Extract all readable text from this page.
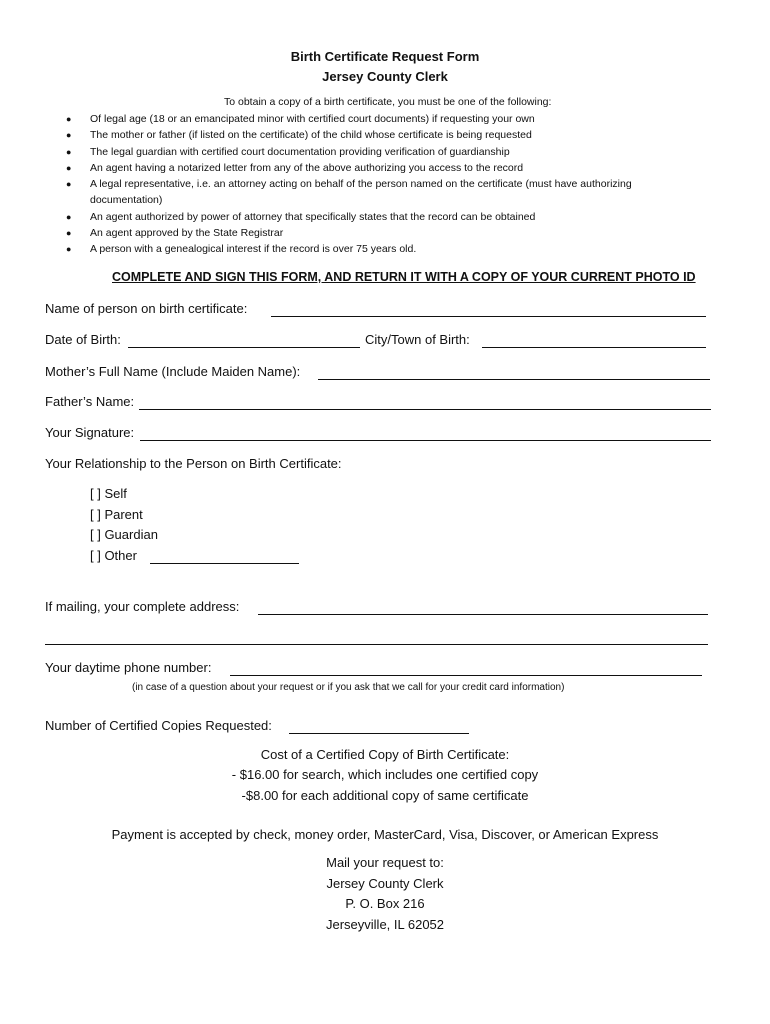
Birth Certificate Request Form
Jersey County Clerk
To obtain a copy of a birth certificate, you must be one of the following:
● Of legal age (18 or an emancipated minor with certified court documents) if requesting your own
● The mother or father (if listed on the certificate) of the child whose certificate is being requested
● The legal guardian with certified court documentation providing verification of guardianship
● An agent having a notarized letter from any of the above authorizing you access to the record
● A legal representative, i.e. an attorney acting on behalf of the person named on the certificate (must have authorizing documentation)
● An agent authorized by power of attorney that specifically states that the record can be obtained
● An agent approved by the State Registrar
● A person with a genealogical interest if the record is over 75 years old.
COMPLETE AND SIGN THIS FORM, AND RETURN IT WITH A COPY OF YOUR CURRENT PHOTO ID
Name of person on birth certificate:
Date of Birth:	City/Town of Birth:
Mother’s Full Name (Include Maiden Name):
Father’s Name:
Your Signature:
Your Relationship to the Person on Birth Certificate:
[ ] Self
[ ] Parent
[ ] Guardian
[ ] Other
If mailing, your complete address:
Your daytime phone number:
(in case of a question about your request or if you ask that we call for your credit card information)
Number of Certified Copies Requested:
Cost of a Certified Copy of Birth Certificate:
- $16.00 for search, which includes one certified copy
-$8.00 for each additional copy of same certificate
Payment is accepted by check, money order, MasterCard, Visa, Discover, or American Express
Mail your request to:
Jersey County Clerk
P. O. Box 216
Jerseyville, IL 62052
